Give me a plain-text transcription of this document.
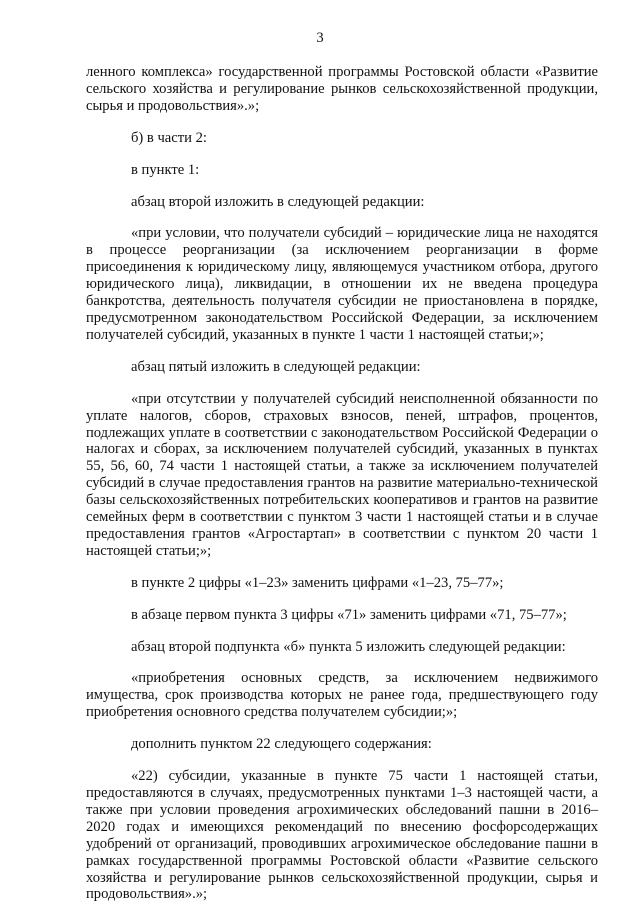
3

ленного комплекса» государственной программы Ростовской области «Развитие сельского хозяйства и регулирование рынков сельскохозяйственной продукции, сырья и продовольствия».»;

б) в части 2:

в пункте 1:

абзац второй изложить в следующей редакции:

«при условии, что получатели субсидий – юридические лица не находятся в процессе реорганизации (за исключением реорганизации в форме присоединения к юридическому лицу, являющемуся участником отбора, другого юридического лица), ликвидации, в отношении их не введена процедура банкротства, деятельность получателя субсидии не приостановлена в порядке, предусмотренном законодательством Российской Федерации, за исключением получателей субсидий, указанных в пункте 1 части 1 настоящей статьи;»;

абзац пятый изложить в следующей редакции:

«при отсутствии у получателей субсидий неисполненной обязанности по уплате налогов, сборов, страховых взносов, пеней, штрафов, процентов, подлежащих уплате в соответствии с законодательством Российской Федерации о налогах и сборах, за исключением получателей субсидий, указанных в пунктах 55, 56, 60, 74 части 1 настоящей статьи, а также за исключением получателей субсидий в случае предоставления грантов на развитие материально-технической базы сельскохозяйственных потребительских кооперативов и грантов на развитие семейных ферм в соответствии с пунктом 3 части 1 настоящей статьи и в случае предоставления грантов «Агростартап» в соответствии с пунктом 20 части 1 настоящей статьи;»;

в пункте 2 цифры «1–23» заменить цифрами «1–23, 75–77»;

в абзаце первом пункта 3 цифры «71» заменить цифрами «71, 75–77»;

абзац второй подпункта «б» пункта 5 изложить следующей редакции:

«приобретения основных средств, за исключением недвижимого имущества, срок производства которых не ранее года, предшествующего году приобретения основного средства получателем субсидии;»;

дополнить пунктом 22 следующего содержания:

«22) субсидии, указанные в пункте 75 части 1 настоящей статьи, предоставляются в случаях, предусмотренных пунктами 1–3 настоящей части, а также при условии проведения агрохимических обследований пашни в 2016–2020 годах и имеющихся рекомендаций по внесению фосфорсодержащих удобрений от организаций, проводивших агрохимическое обследование пашни в рамках государственной программы Ростовской области «Развитие сельского хозяйства и регулирование рынков сельскохозяйственной продукции, сырья и продовольствия».»;
